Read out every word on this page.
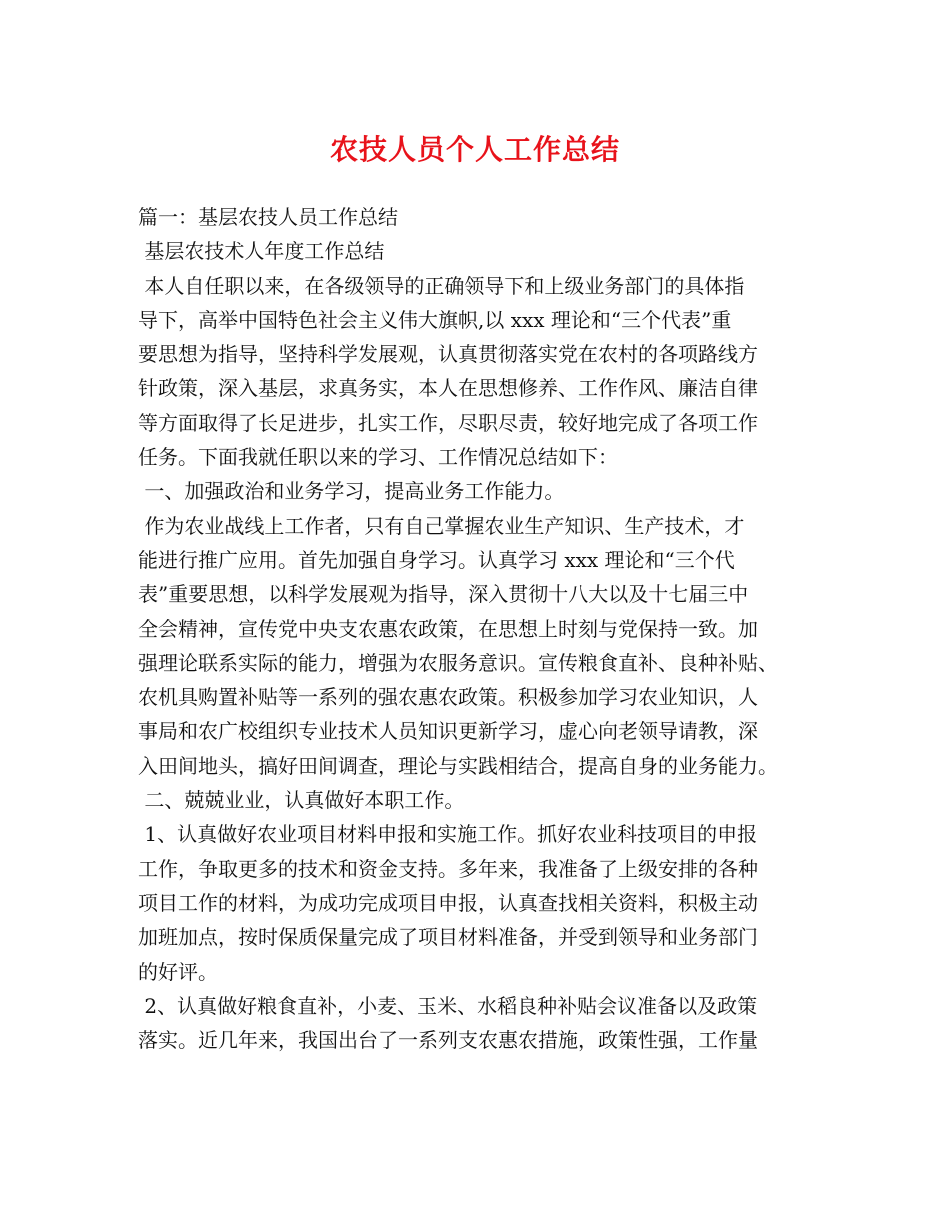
农技人员个人工作总结

篇一：基层农技人员工作总结

基层农技术人年度工作总结

本人自任职以来，在各级领导的正确领导下和上级业务部门的具体指

导下，高举中国特色社会主义伟大旗帜,以 xxx 理论和“三个代表”重

要思想为指导，坚持科学发展观，认真贯彻落实党在农村的各项路线方

针政策，深入基层，求真务实，本人在思想修养、工作作风、廉洁自律

等方面取得了长足进步，扎实工作，尽职尽责，较好地完成了各项工作

任务。下面我就任职以来的学习、工作情况总结如下：

一、加强政治和业务学习，提高业务工作能力。

作为农业战线上工作者，只有自己掌握农业生产知识、生产技术，才

能进行推广应用。首先加强自身学习。认真学习 xxx 理论和“三个代

表”重要思想，以科学发展观为指导，深入贯彻十八大以及十七届三中

全会精神，宣传党中央支农惠农政策，在思想上时刻与党保持一致。加

强理论联系实际的能力，增强为农服务意识。宣传粮食直补、良种补贴、

农机具购置补贴等一系列的强农惠农政策。积极参加学习农业知识，人

事局和农广校组织专业技术人员知识更新学习，虚心向老领导请教，深

入田间地头，搞好田间调查，理论与实践相结合，提高自身的业务能力。

二、兢兢业业，认真做好本职工作。

1、认真做好农业项目材料申报和实施工作。抓好农业科技项目的申报

工作，争取更多的技术和资金支持。多年来，我准备了上级安排的各种

项目工作的材料，为成功完成项目申报，认真查找相关资料，积极主动

加班加点，按时保质保量完成了项目材料准备，并受到领导和业务部门

的好评。

2、认真做好粮食直补，小麦、玉米、水稻良种补贴会议准备以及政策

落实。近几年来，我国出台了一系列支农惠农措施，政策性强，工作量
